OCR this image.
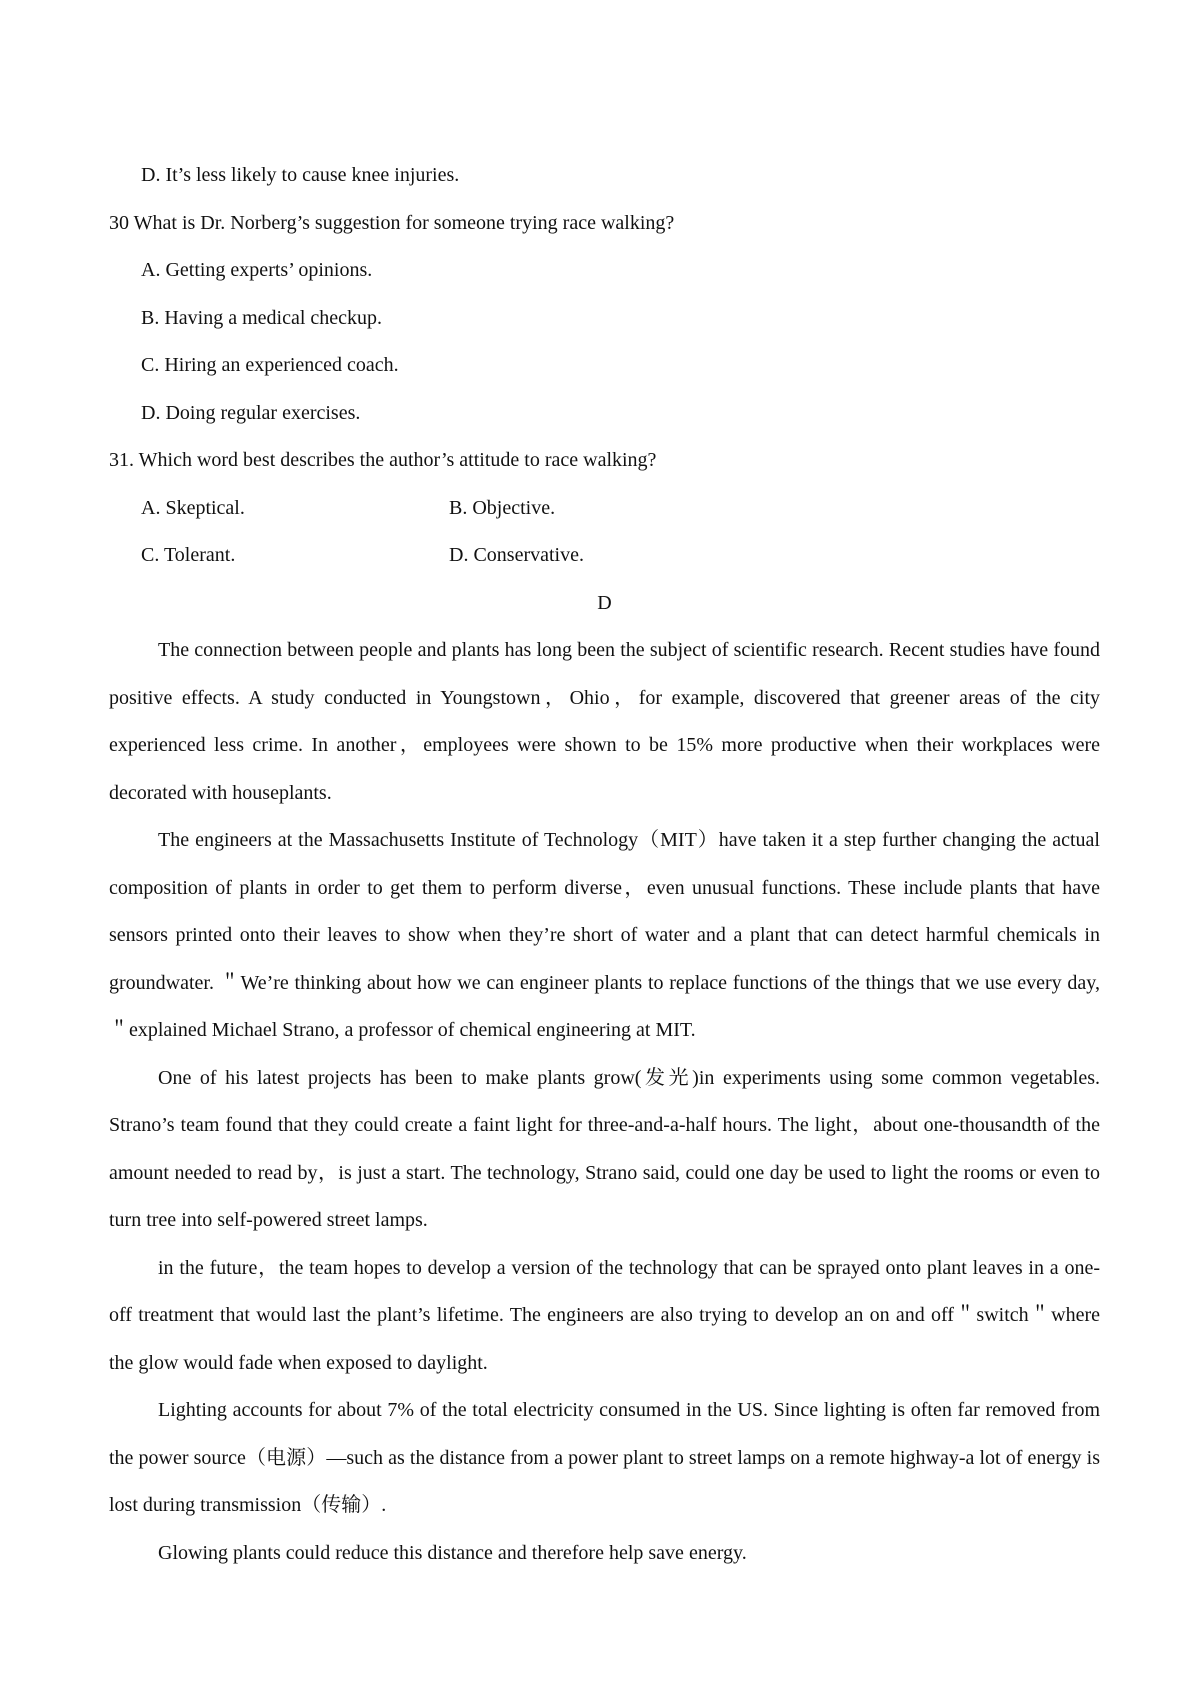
D. It’s less likely to cause knee injuries.
30 What is Dr. Norberg’s suggestion for someone trying race walking?
A. Getting experts’ opinions.
B. Having a medical checkup.
C. Hiring an experienced coach.
D. Doing regular exercises.
31. Which word best describes the author’s attitude to race walking?
A. Skeptical.	B. Objective.
C. Tolerant.	D. Conservative.
D

The connection between people and plants has long been the subject of scientific research. Recent studies have found positive effects. A study conducted in Youngstown，Ohio，for example, discovered that greener areas of the city experienced less crime. In another，employees were shown to be 15% more productive when their workplaces were decorated with houseplants.

The engineers at the Massachusetts Institute of Technology（MIT）have taken it a step further changing the actual composition of plants in order to get them to perform diverse，even unusual functions. These include plants that have sensors printed onto their leaves to show when they’re short of water and a plant that can detect harmful chemicals in groundwater. ＂We’re thinking about how we can engineer plants to replace functions of the things that we use every day,＂explained Michael Strano, a professor of chemical engineering at MIT.

One of his latest projects has been to make plants grow(发光)in experiments using some common vegetables. Strano’s team found that they could create a faint light for three-and-a-half hours. The light，about one-thousandth of the amount needed to read by，is just a start. The technology, Strano said, could one day be used to light the rooms or even to turn tree into self-powered street lamps.

in the future，the team hopes to develop a version of the technology that can be sprayed onto plant leaves in a one-off treatment that would last the plant’s lifetime. The engineers are also trying to develop an on and off＂switch＂where the glow would fade when exposed to daylight.

Lighting accounts for about 7% of the total electricity consumed in the US. Since lighting is often far removed from the power source（电源）—such as the distance from a power plant to street lamps on a remote highway-a lot of energy is lost during transmission（传输）.

Glowing plants could reduce this distance and therefore help save energy.
